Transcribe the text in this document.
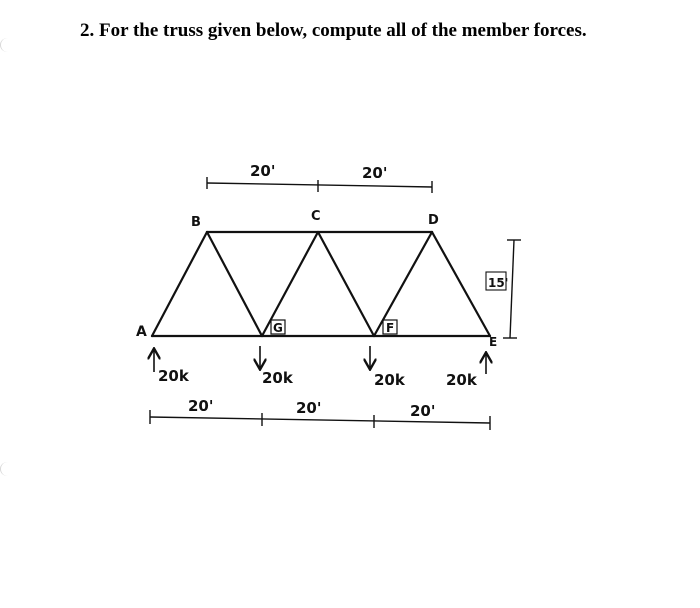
2. For the truss given below, compute all of the member forces.
A
B	C	D
E
F
G
20'	20'
15'
20k	20k	20k	20k
20'	20'	20'
